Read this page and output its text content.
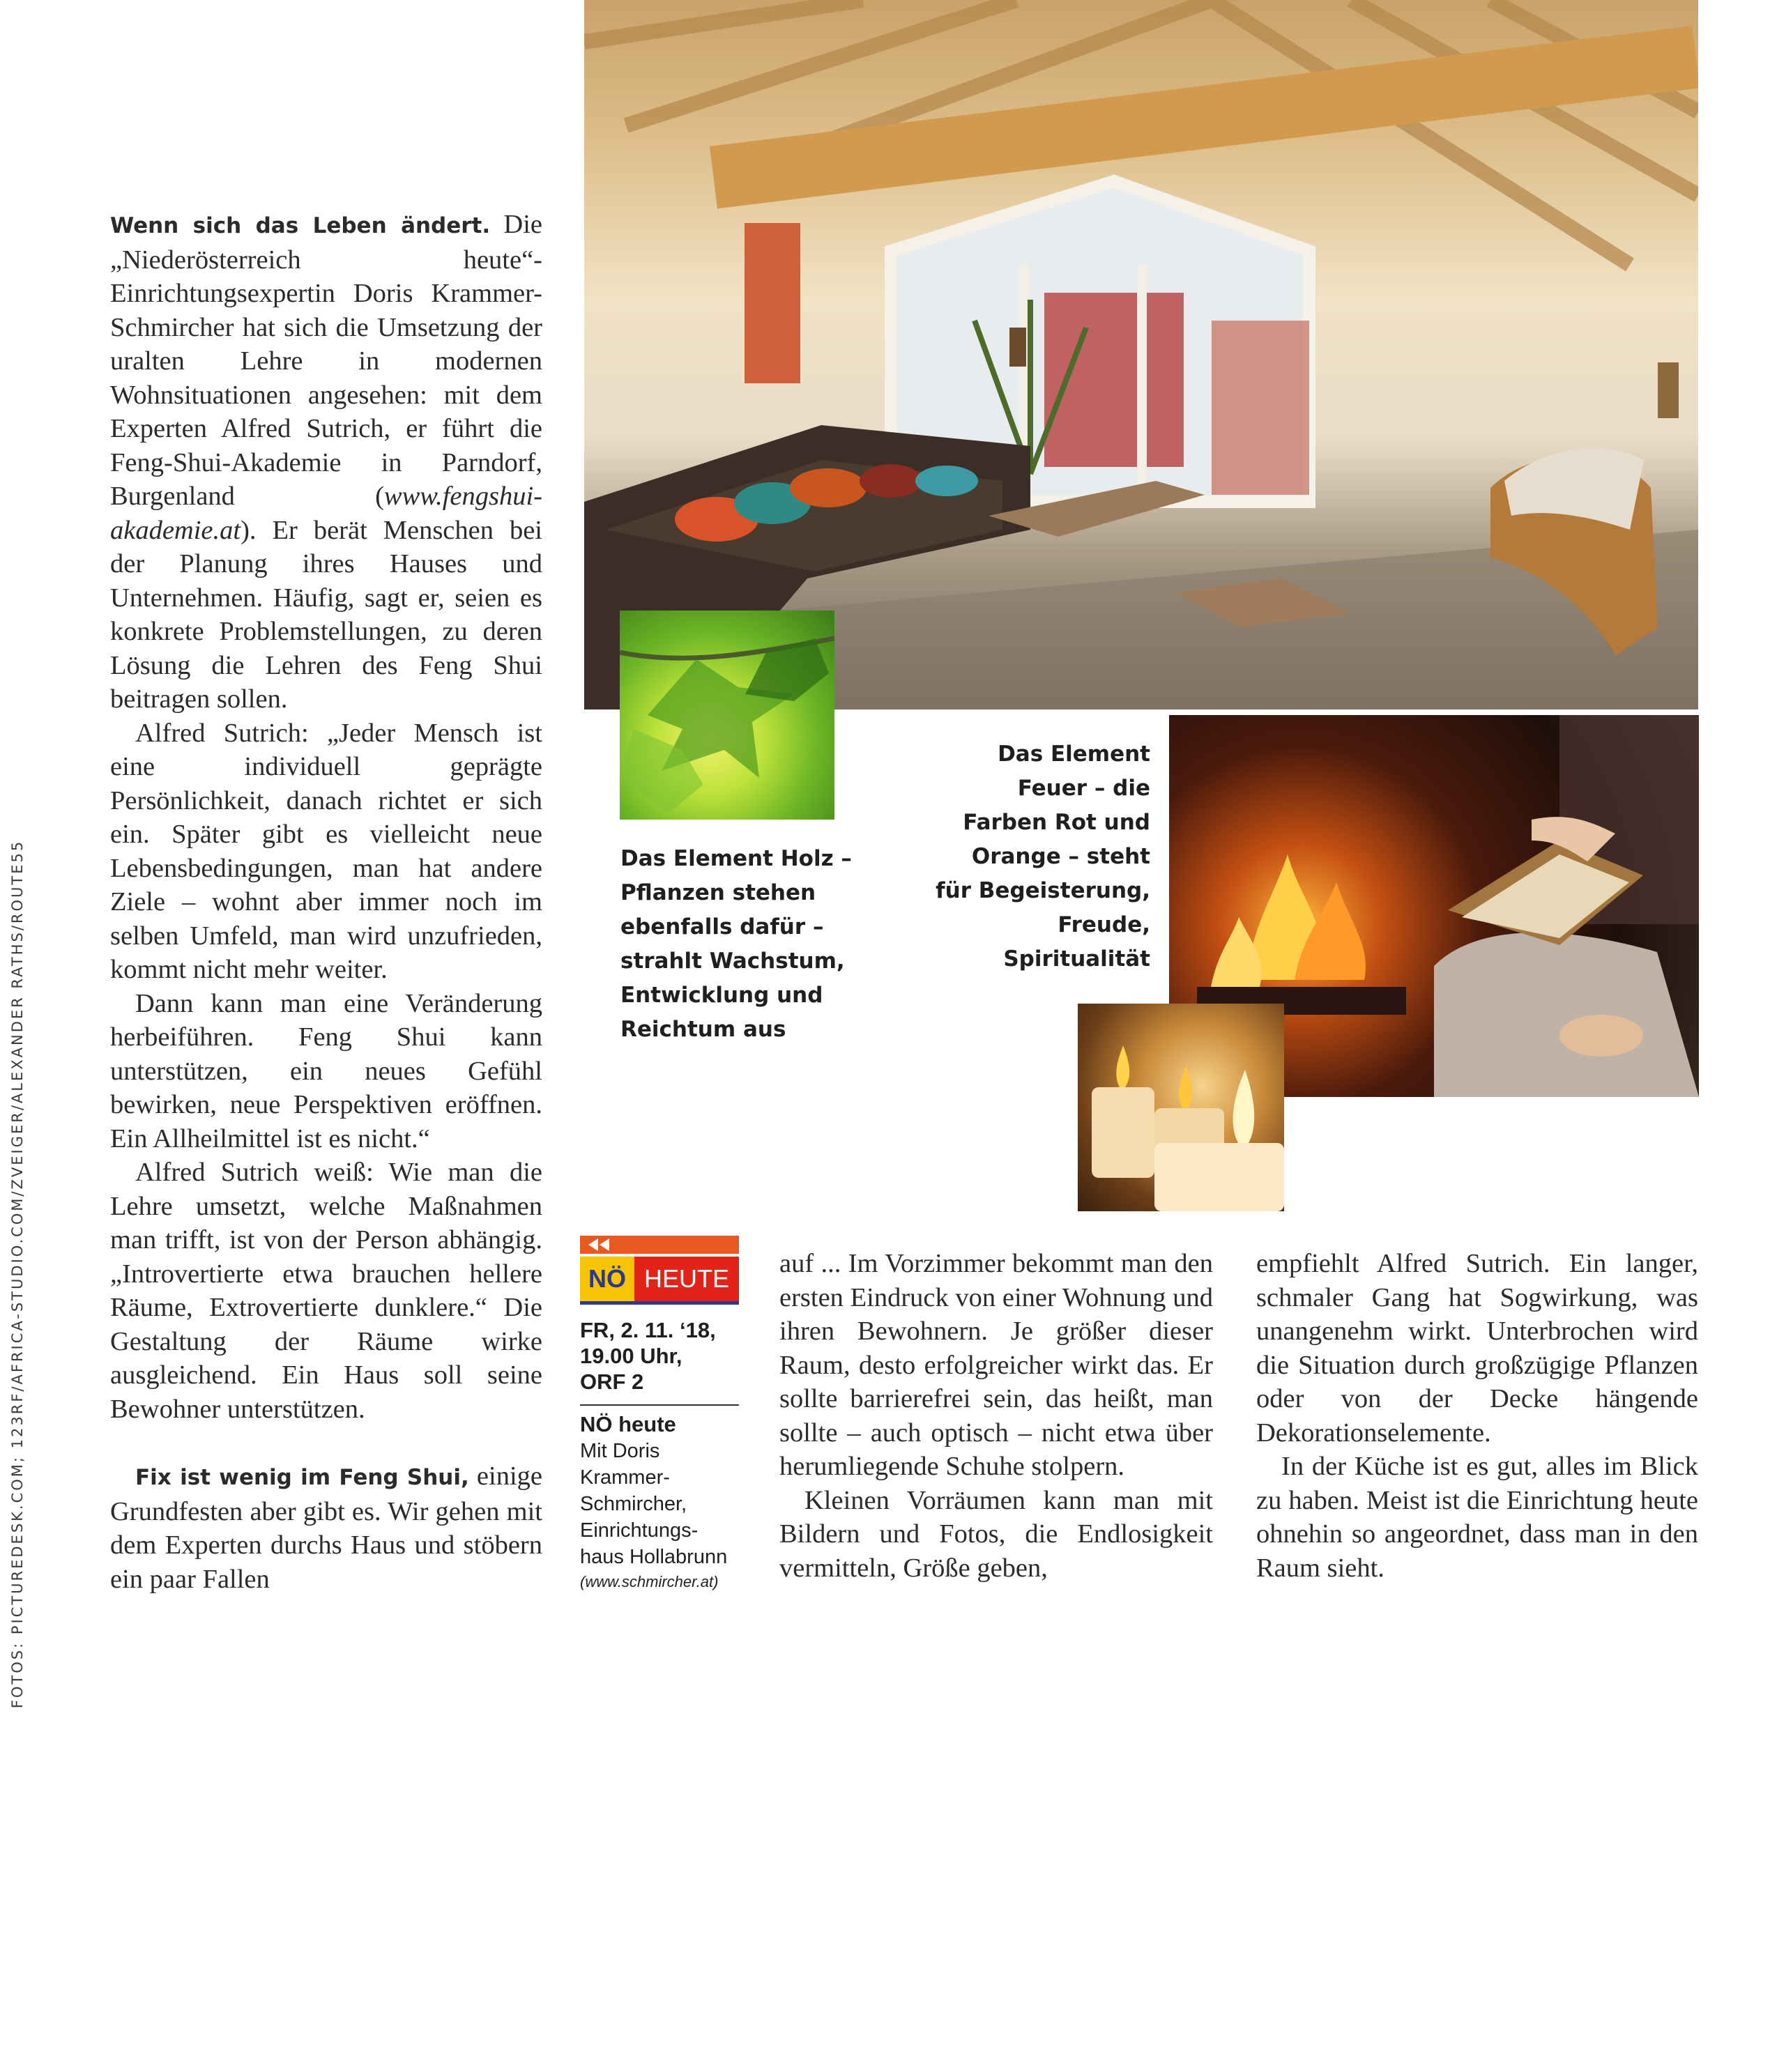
FOTOS: PICTUREDESK.COM; 123RF/AFRICA-STUDIO.COM/ZVEIGER/ALEXANDER RATHS/ROUTE55

Wenn sich das Leben ändert. Die „Niederösterreich heute“-Einrichtungsexpertin Doris Krammer-Schmircher hat sich die Umsetzung der uralten Lehre in modernen Wohnsituationen angesehen: mit dem Experten Alfred Sutrich, er führt die Feng-Shui-Akademie in Parndorf, Burgenland (www.fengshui-akademie.at). Er berät Menschen bei der Planung ihres Hauses und Unternehmen. Häufig, sagt er, seien es konkrete Problemstellungen, zu deren Lösung die Lehren des Feng Shui beitragen sollen.

Alfred Sutrich: „Jeder Mensch ist eine individuell geprägte Persönlichkeit, danach richtet er sich ein. Später gibt es vielleicht neue Lebensbedingungen, man hat andere Ziele – wohnt aber immer noch im selben Umfeld, man wird unzufrieden, kommt nicht mehr weiter.

Dann kann man eine Veränderung herbeiführen. Feng Shui kann unterstützen, ein neues Gefühl bewirken, neue Perspektiven eröffnen. Ein Allheilmittel ist es nicht.“

Alfred Sutrich weiß: Wie man die Lehre umsetzt, welche Maßnahmen man trifft, ist von der Person abhängig. „Introvertierte etwa brauchen hellere Räume, Extrovertierte dunklere.“ Die Gestaltung der Räume wirke ausgleichend. Ein Haus soll seine Bewohner unterstützen.

Fix ist wenig im Feng Shui, einige Grundfesten aber gibt es. Wir gehen mit dem Experten durchs Haus und stöbern ein paar Fallen

Das Element Holz –
Pflanzen stehen
ebenfalls dafür –
strahlt Wachstum,
Entwicklung und
Reichtum aus
Das Element
Feuer – die
Farben Rot und
Orange – steht
für Begeisterung,
Freude,
Spiritualität
NÖ HEUTE
FR, 2. 11. ‘18,
19.00 Uhr,
ORF 2
NÖ heute
Mit Doris
Krammer-
Schmircher,
Einrichtungs-
haus Hollabrunn
(www.schmircher.at)

auf ... Im Vorzimmer bekommt man den ersten Eindruck von einer Wohnung und ihren Bewohnern. Je größer dieser Raum, desto erfolgreicher wirkt das. Er sollte barrierefrei sein, das heißt, man sollte – auch optisch – nicht etwa über herumliegende Schuhe stolpern.

Kleinen Vorräumen kann man mit Bildern und Fotos, die Endlosigkeit vermitteln, Größe geben,

empfiehlt Alfred Sutrich. Ein langer, schmaler Gang hat Sogwirkung, was unangenehm wirkt. Unterbrochen wird die Situation durch großzügige Pflanzen oder von der Decke hängende Dekorationselemente.

In der Küche ist es gut, alles im Blick zu haben. Meist ist die Einrichtung heute ohnehin so angeordnet, dass man in den Raum sieht.
